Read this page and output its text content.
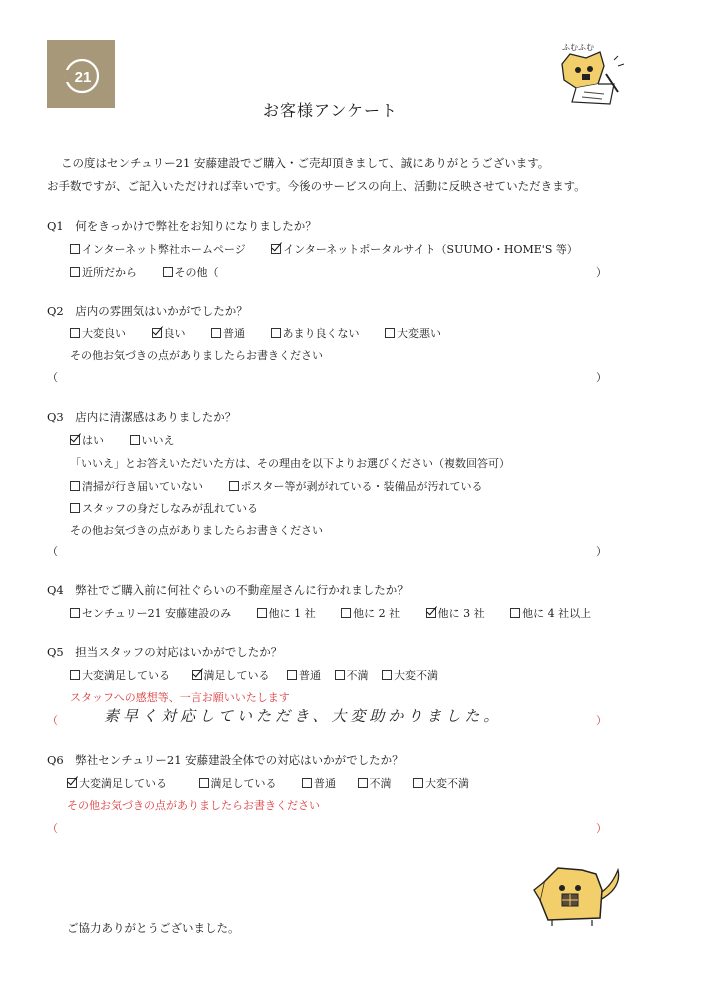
21
ふむふむ
お客様アンケート
この度はセンチュリー21 安藤建設でご購入・ご売却頂きまして、誠にありがとうございます。
お手数ですが、ご記入いただければ幸いです。今後のサービスの向上、活動に反映させていただきます。
Q1　何をきっかけで弊社をお知りになりましたか？
インターネット弊社ホームページ	インターネットポータルサイト（SUUMO・HOME'S 等）
近所だから	その他（	）
Q2　店内の雰囲気はいかがでしたか？
大変良い	良い	普通	あまり良くない	大変悪い
その他お気づきの点がありましたらお書きください
（	）
Q3　店内に清潔感はありましたか？
はい	いいえ
「いいえ」とお答えいただいた方は、その理由を以下よりお選びください（複数回答可）
清掃が行き届いていない	ポスター等が剥がれている・装備品が汚れている
スタッフの身だしなみが乱れている
その他お気づきの点がありましたらお書きください
（	）
Q4　弊社でご購入前に何社ぐらいの不動産屋さんに行かれましたか？
センチュリー21 安藤建設のみ	他に 1 社	他に 2 社	他に 3 社	他に 4 社以上
Q5　担当スタッフの対応はいかがでしたか？
大変満足している	満足している	普通 不満 大変不満
スタッフへの感想等、一言お願いいたします
（	素早く対応していただき、大変助かりました。	）
Q6　弊社センチュリー21 安藤建設全体での対応はいかがでしたか？
大変満足している	満足している	普通	不満	大変不満
その他お気づきの点がありましたらお書きください
（	）
ご協力ありがとうございました。
